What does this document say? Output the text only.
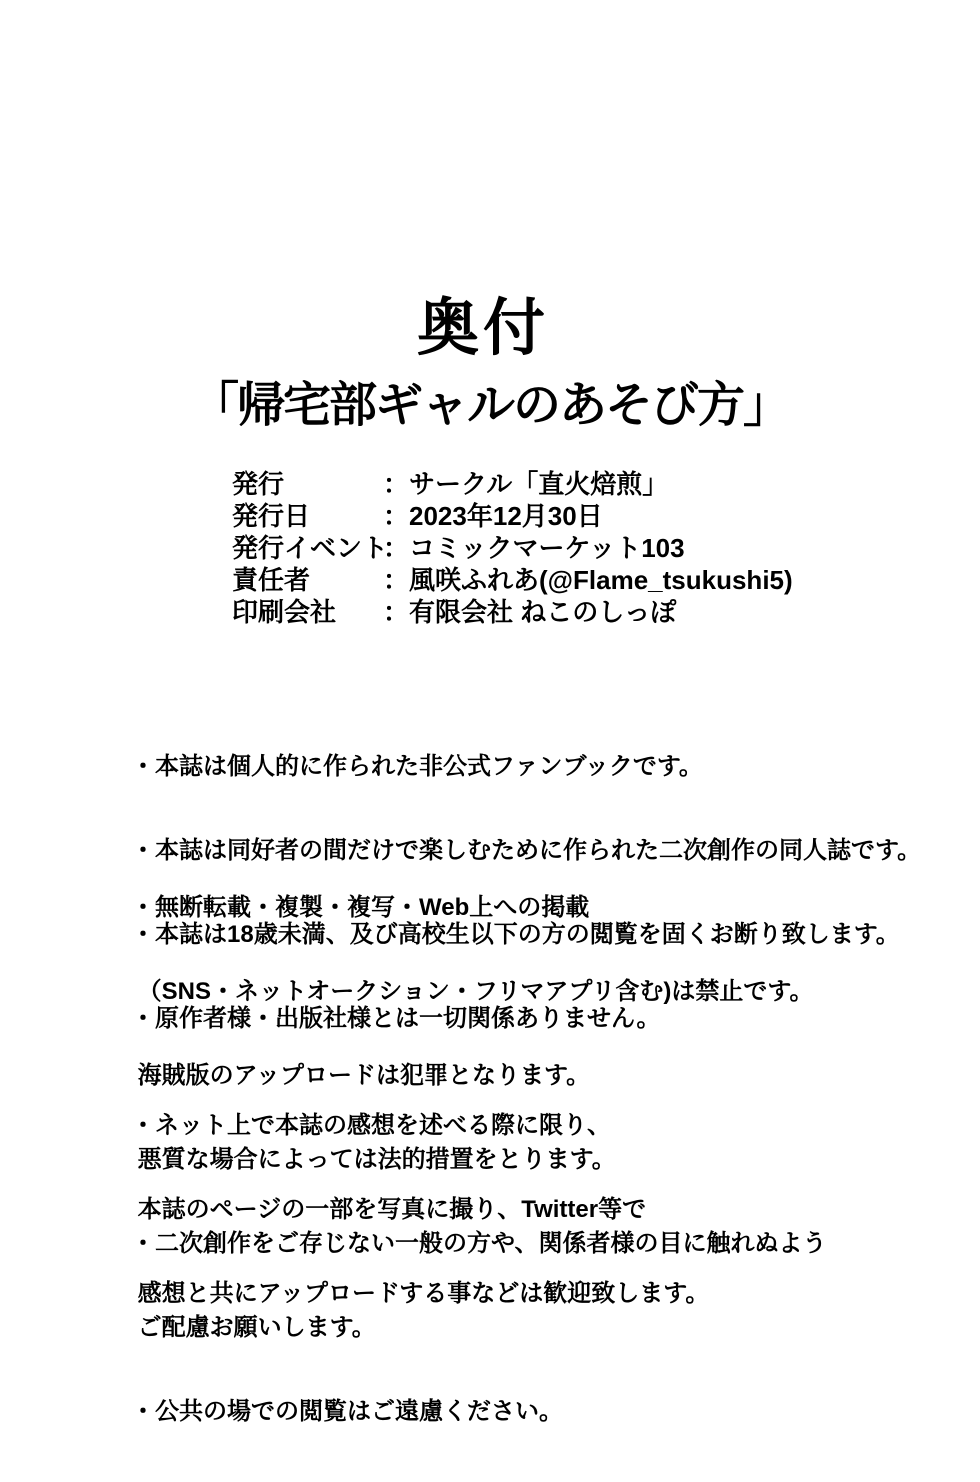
奥付
「帰宅部ギャルのあそび方」
発行	：サークル「直火焙煎」
発行日	：2023年12月30日
発行イベント：コミックマーケット103
責任者	：風咲ふれあ(@Flame_tsukushi5)
印刷会社 ：有限会社 ねこのしっぽ

・本誌は個人的に作られた非公式ファンブックです。

・本誌は同好者の間だけで楽しむために作られた二次創作の同人誌です。

・本誌は18歳未満、及び高校生以下の方の閲覧を固くお断り致します。

・原作者様・出版社様とは一切関係ありません。

・無断転載・複製・複写・Web上への掲載

（SNS・ネットオークション・フリマアプリ含む)は禁止です。

海賊版のアップロードは犯罪となります。

悪質な場合によっては法的措置をとります。

・二次創作をご存じない一般の方や、関係者様の目に触れぬよう

ご配慮お願いします。

・公共の場での閲覧はご遠慮ください。

・ネット上で本誌の感想を述べる際に限り、

本誌のページの一部を写真に撮り、Twitter等で

感想と共にアップロードする事などは歓迎致します。
